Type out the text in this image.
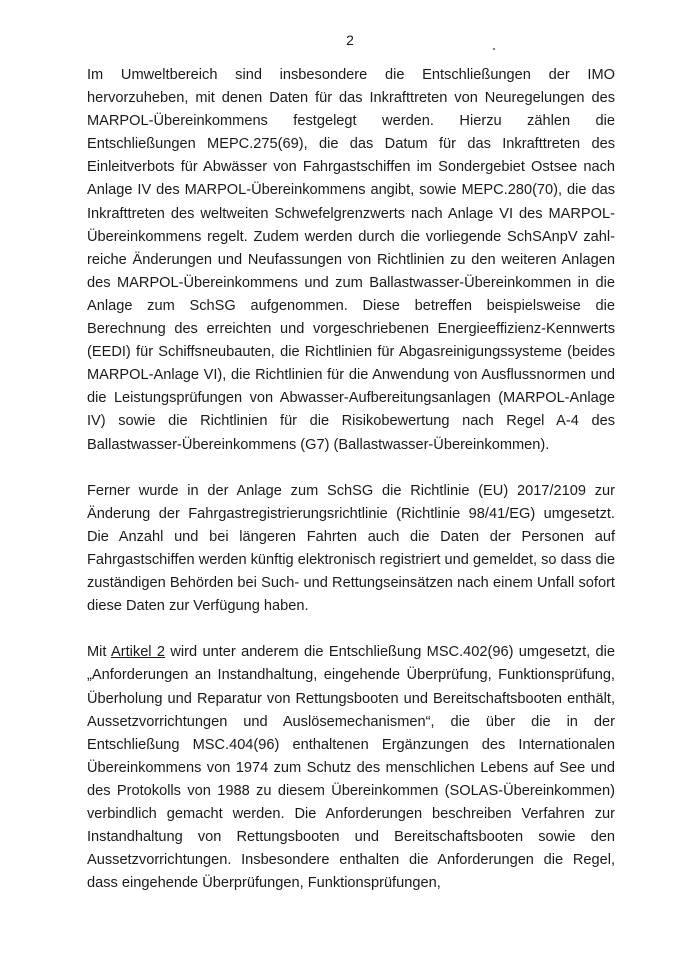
2

Im Umweltbereich sind insbesondere die Entschließungen der IMO hervorzuheben, mit denen Daten für das Inkrafttreten von Neuregelungen des MARPOL-Übereinkommens festgelegt werden. Hierzu zählen die Entschließungen MEPC.275(69), die das Datum für das Inkrafttreten des Einleitverbots für Abwässer von Fahrgastschiffen im Sondergebiet Ostsee nach Anlage IV des MARPOL-Übereinkommens angibt, sowie MEPC.280(70), die das Inkrafttreten des weltweiten Schwefelgrenzwerts nach Anlage VI des MARPOL-Übereinkommens regelt. Zudem werden durch die vorliegende SchSAnpV zahl-reiche Änderungen und Neufassungen von Richtlinien zu den weiteren Anlagen des MARPOL-Übereinkommens und zum Ballastwasser-Übereinkommen in die Anlage zum SchSG aufgenommen. Diese betreffen beispielsweise die Berechnung des erreichten und vorgeschriebenen Energieeffizienz-Kennwerts (EEDI) für Schiffsneubauten, die Richtlinien für Abgasreinigungssysteme (beides MARPOL-Anlage VI), die Richtlinien für die Anwendung von Ausflussnormen und die Leistungsprüfungen von Abwasser-Aufbereitungsanlagen (MARPOL-Anlage IV) sowie die Richtlinien für die Risikobewertung nach Regel A-4 des Ballastwasser-Übereinkommens (G7) (Ballastwasser-Übereinkommen).

Ferner wurde in der Anlage zum SchSG die Richtlinie (EU) 2017/2109 zur Änderung der Fahrgastregistrierungsrichtlinie (Richtlinie 98/41/EG) umgesetzt. Die Anzahl und bei längeren Fahrten auch die Daten der Personen auf Fahrgastschiffen werden künftig elektronisch registriert und gemeldet, so dass die zuständigen Behörden bei Such- und Rettungseinsätzen nach einem Unfall sofort diese Daten zur Verfügung haben.

Mit Artikel 2 wird unter anderem die Entschließung MSC.402(96) umgesetzt, die „Anforderungen an Instandhaltung, eingehende Überprüfung, Funktionsprüfung, Überholung und Reparatur von Rettungsbooten und Bereitschaftsbooten enthält, Aussetzvorrichtungen und Auslösemechanismen“, die über die in der Entschließung MSC.404(96) enthaltenen Ergänzungen des Internationalen Übereinkommens von 1974 zum Schutz des menschlichen Lebens auf See und des Protokolls von 1988 zu diesem Übereinkommen (SOLAS-Übereinkommen) verbindlich gemacht werden. Die Anforderungen beschreiben Verfahren zur Instandhaltung von Rettungsbooten und Bereitschaftsbooten sowie den Aussetzvorrichtungen. Insbesondere enthalten die Anforderungen die Regel, dass eingehende Überprüfungen, Funktionsprüfungen,
